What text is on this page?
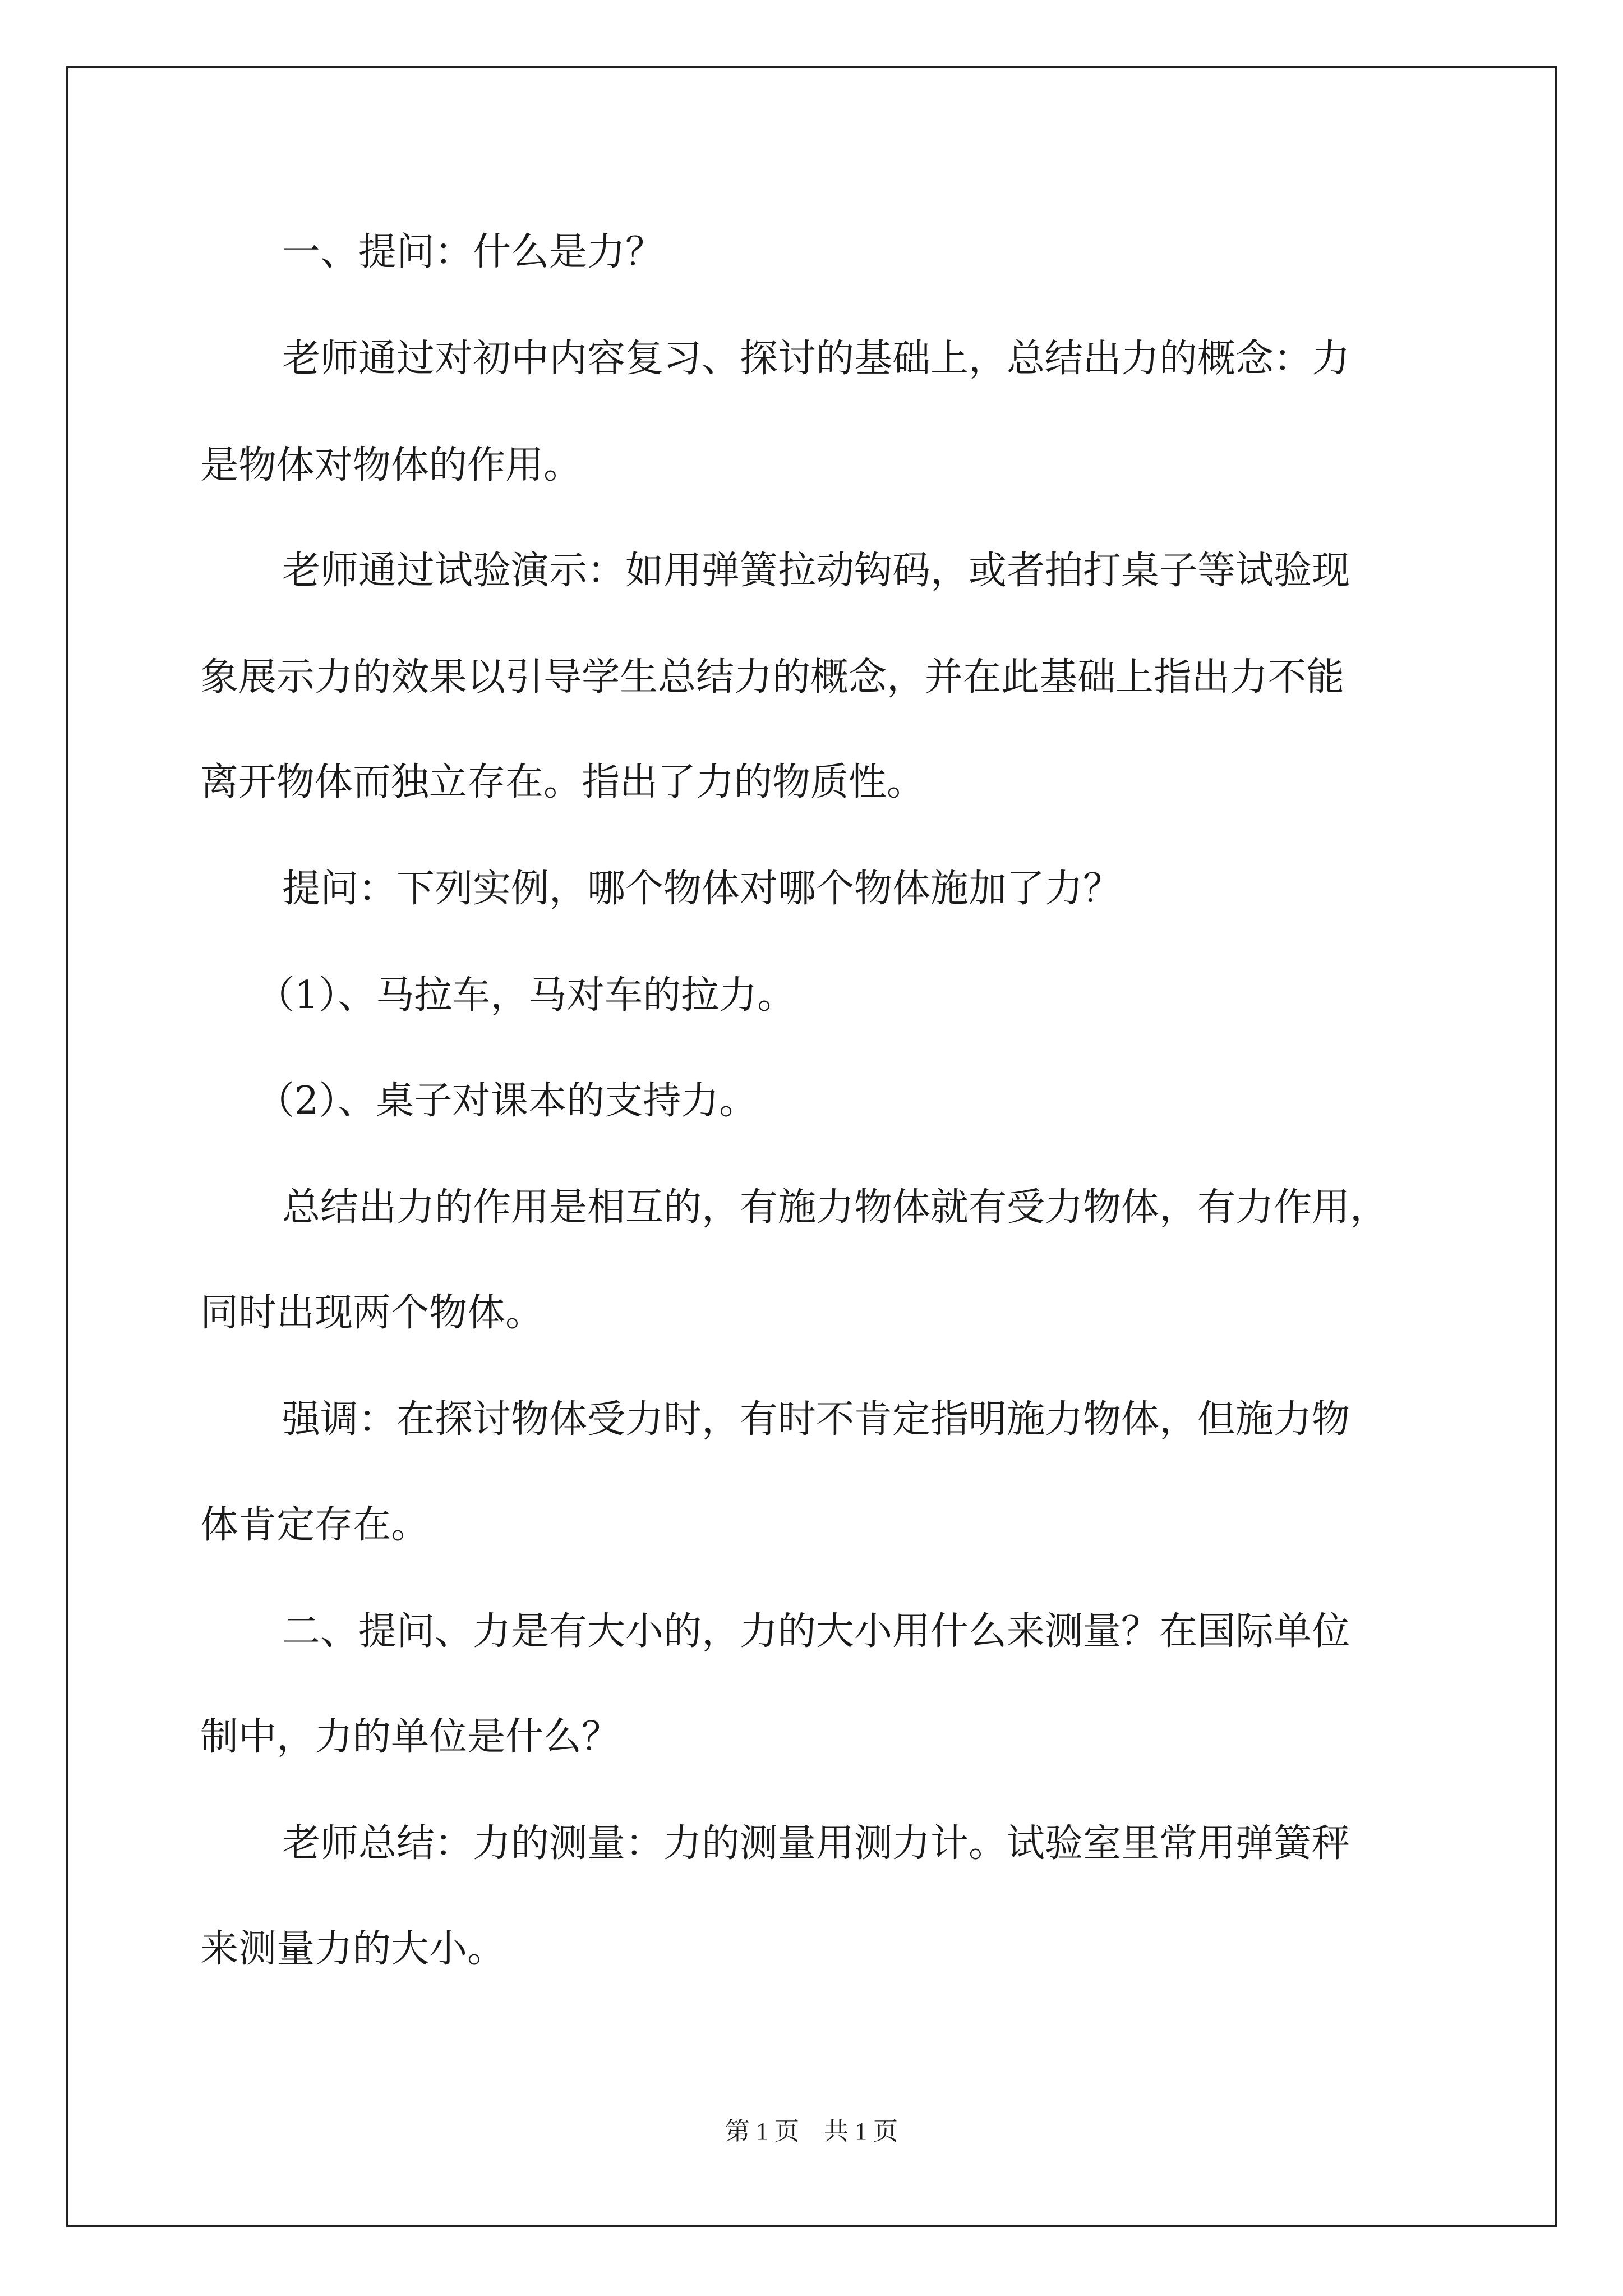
一、提问：什么是力？
老师通过对初中内容复习、探讨的基础上，总结出力的概念：力
是物体对物体的作用。
老师通过试验演示：如用弹簧拉动钩码，或者拍打桌子等试验现
象展示力的效果以引导学生总结力的概念，并在此基础上指出力不能
离开物体而独立存在。指出了力的物质性。
提问：下列实例，哪个物体对哪个物体施加了力？
（1）、马拉车，马对车的拉力。
（2）、桌子对课本的支持力。
总结出力的作用是相互的，有施力物体就有受力物体，有力作用，
同时出现两个物体。
强调：在探讨物体受力时，有时不肯定指明施力物体，但施力物
体肯定存在。
二、提问、力是有大小的，力的大小用什么来测量？在国际单位
制中，力的单位是什么？
老师总结：力的测量：力的测量用测力计。试验室里常用弹簧秤
来测量力的大小。
第 1 页　共 1 页
